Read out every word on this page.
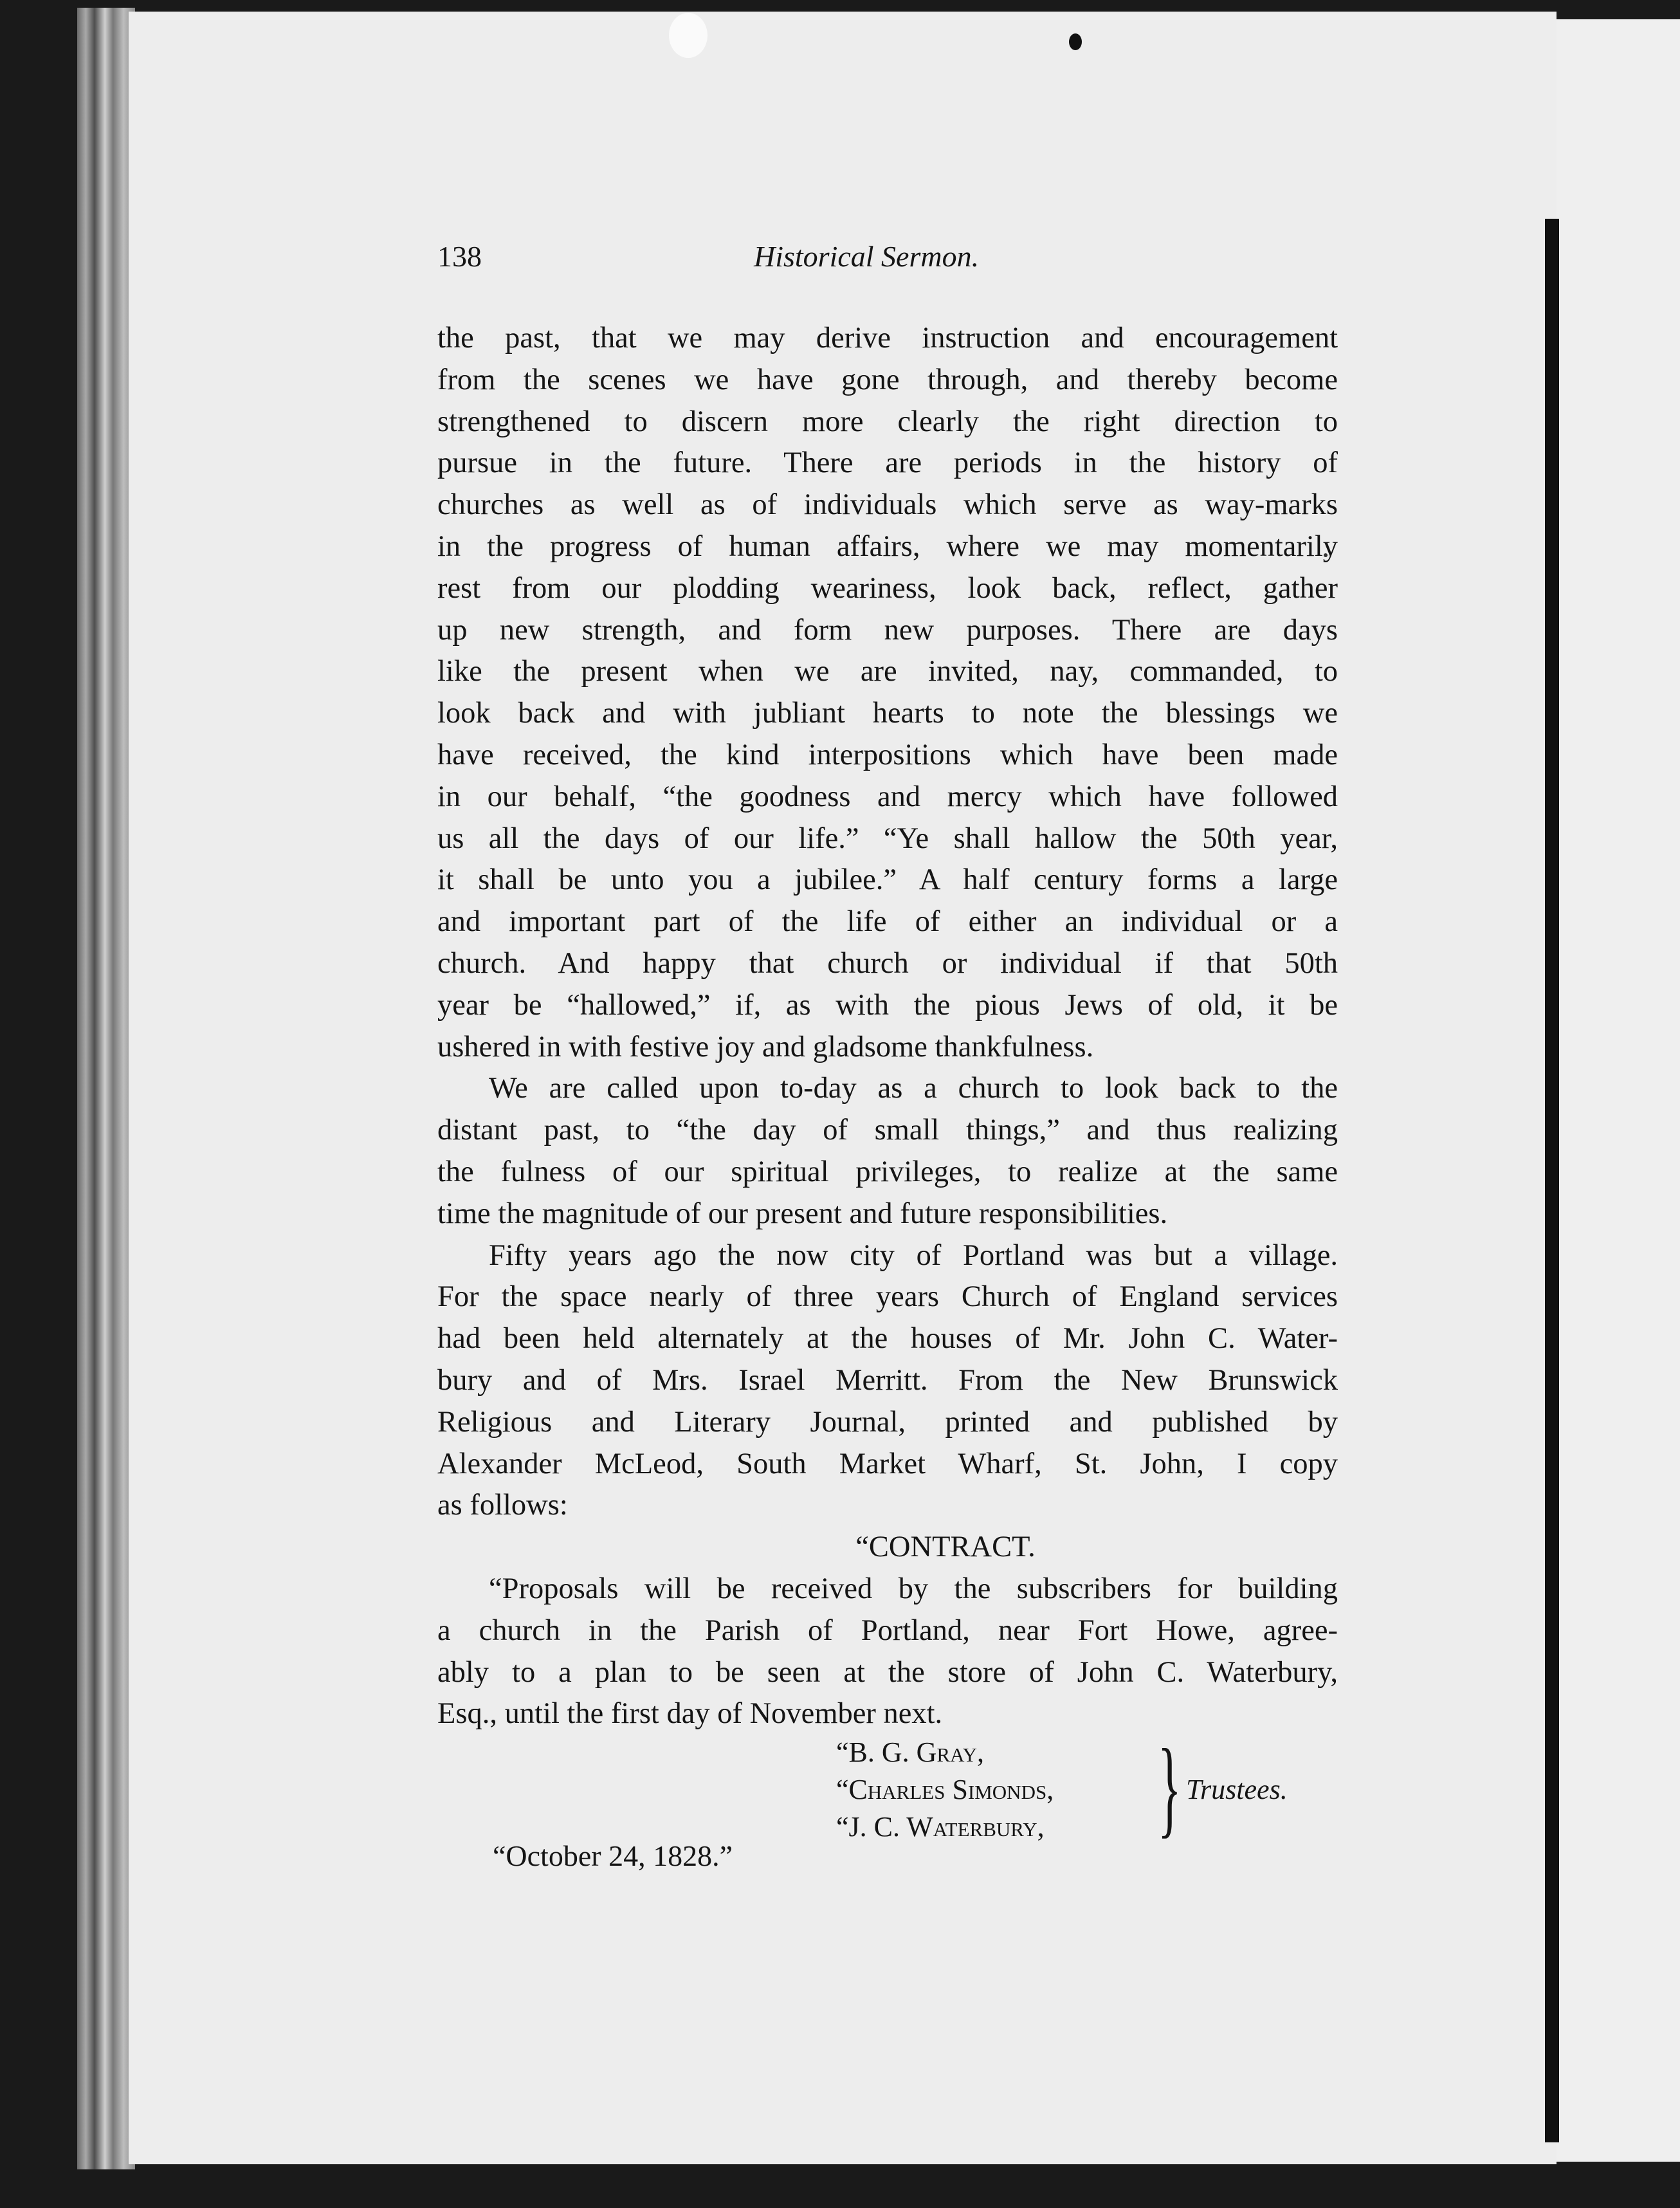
138	Historical Sermon.
the past, that we may derive instruction and encouragement
from the scenes we have gone through, and thereby become
strengthened to discern more clearly the right direction to
pursue in the future. There are periods in the history of
churches as well as of individuals which serve as way-marks
in the progress of human affairs, where we may momentarily
rest from our plodding weariness, look back, reflect, gather
up new strength, and form new purposes. There are days
like the present when we are invited, nay, commanded, to
look back and with jubliant hearts to note the blessings we
have received, the kind interpositions which have been made
in our behalf, “the goodness and mercy which have followed
us all the days of our life.” “Ye shall hallow the 50th year,
it shall be unto you a jubilee.” A half century forms a large
and important part of the life of either an individual or a
church. And happy that church or individual if that 50th
year be “hallowed,” if, as with the pious Jews of old, it be
ushered in with festive joy and gladsome thankfulness.
We are called upon to-day as a church to look back to the
distant past, to “the day of small things,” and thus realizing
the fulness of our spiritual privileges, to realize at the same
time the magnitude of our present and future responsibilities.
Fifty years ago the now city of Portland was but a village.
For the space nearly of three years Church of England services
had been held alternately at the houses of Mr. John C. Water-
bury and of Mrs. Israel Merritt. From the New Brunswick
Religious and Literary Journal, printed and published by
Alexander McLeod, South Market Wharf, St. John, I copy
as follows:
“CONTRACT.
“Proposals will be received by the subscribers for building
a church in the Parish of Portland, near Fort Howe, agree-
ably to a plan to be seen at the store of John C. Waterbury,
Esq., until the first day of November next.
“B. G. Gray,
“Charles Simonds,
“J. C. Waterbury, } Trustees.
“October 24, 1828.”
